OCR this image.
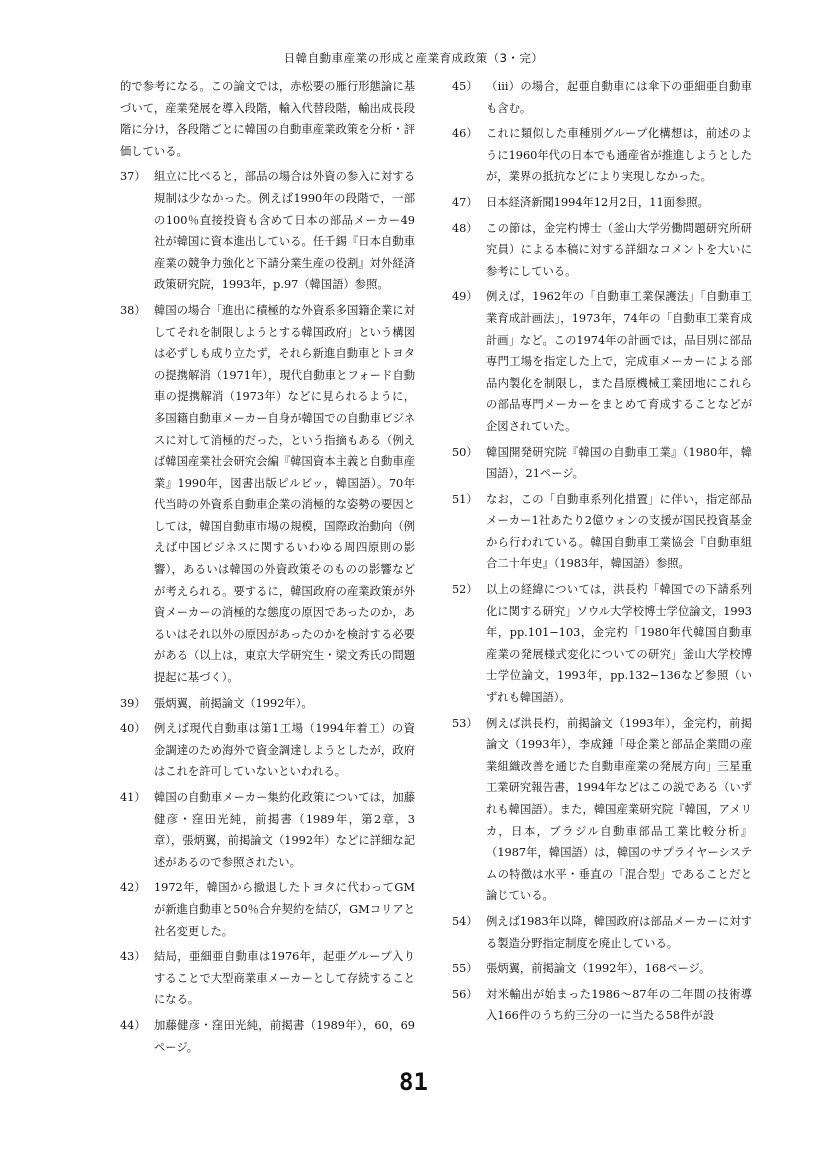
日韓自動車産業の形成と産業育成政策（3・完）
的で参考になる。この論文では，赤松要の雁行形態論に基づいて，産業発展を導入段階，輸入代替段階，輸出成長段階に分け，各段階ごとに韓国の自動車産業政策を分析・評価している。
37） 組立に比べると，部品の場合は外資の参入に対する規制は少なかった。例えば1990年の段階で，一部の100％直接投資も含めて日本の部品メーカー49社が韓国に資本進出している。任千錫『日本自動車産業の競争力強化と下請分業生産の役割』対外経済政策研究院，1993年，p.97（韓国語）参照。
38） 韓国の場合「進出に積極的な外資系多国籍企業に対してそれを制限しようとする韓国政府」という構図は必ずしも成り立たず，それら新進自動車とトヨタの提携解消（1971年），現代自動車とフォード自動車の提携解消（1973年）などに見られるように，多国籍自動車メーカー自身が韓国での自動車ビジネスに対して消極的だった，という指摘もある（例えば韓国産業社会研究会編『韓国資本主義と自動車産業』1990年，図書出版ピルビッ，韓国語）。70年代当時の外資系自動車企業の消極的な姿勢の要因としては，韓国自動車市場の規模，国際政治動向（例えば中国ビジネスに関するいわゆる周四原則の影響），あるいは韓国の外資政策そのものの影響などが考えられる。要するに，韓国政府の産業政策が外資メーカーの消極的な態度の原因であったのか，あるいはそれ以外の原因があったのかを検討する必要がある（以上は，東京大学研究生・梁文秀氏の問題提起に基づく）。
39） 張炳翼，前掲論文（1992年）。
40） 例えば現代自動車は第1工場（1994年着工）の資金調達のため海外で資金調達しようとしたが，政府はこれを許可していないといわれる。
41） 韓国の自動車メーカー集約化政策については，加藤健彦・窪田光純，前掲書（1989年，第2章，3章），張炳翼，前掲論文（1992年）などに詳細な記述があるので参照されたい。
42） 1972年，韓国から撤退したトヨタに代わってGMが新進自動車と50％合弁契約を結び，GMコリアと社名変更した。
43） 結局，亜細亜自動車は1976年，起亜グループ入りすることで大型商業車メーカーとして存続することになる。
44） 加藤健彦・窪田光純，前掲書（1989年），60，69ページ。
45） （iii）の場合，起亜自動車には傘下の亜細亜自動車も含む。
46） これに類似した車種別グループ化構想は，前述のように1960年代の日本でも通産省が推進しようとしたが，業界の抵抗などにより実現しなかった。
47） 日本経済新聞1994年12月2日，11面参照。
48） この節は，金完杓博士（釜山大学労働問題研究所研究員）による本稿に対する詳細なコメントを大いに参考にしている。
49） 例えば，1962年の「自動車工業保護法」「自動車工業育成計画法」，1973年，74年の「自動車工業育成計画」など。この1974年の計画では，品目別に部品専門工場を指定した上で，完成車メーカーによる部品内製化を制限し，また昌原機械工業団地にこれらの部品専門メーカーをまとめて育成することなどが企図されていた。
50） 韓国開発研究院『韓国の自動車工業』（1980年，韓国語），21ページ。
51） なお，この「自動車系列化措置」に伴い，指定部品メーカー1社あたり2億ウォンの支援が国民投資基金から行われている。韓国自動車工業協会『自動車組合二十年史』（1983年，韓国語）参照。
52） 以上の経緯については，洪長杓「韓国での下請系列化に関する研究」ソウル大学校博士学位論文，1993年，pp.101−103，金完杓「1980年代韓国自動車産業の発展様式変化についての研究」釜山大学校博士学位論文，1993年，pp.132−136など参照（いずれも韓国語）。
53） 例えば洪長杓，前掲論文（1993年），金完杓，前掲論文（1993年），李成鍾「母企業と部品企業間の産業組織改善を通じた自動車産業の発展方向」三星重工業研究報告書，1994年などはこの説である（いずれも韓国語）。また，韓国産業研究院『韓国，アメリカ，日本，ブラジル自動車部品工業比較分析』（1987年，韓国語）は，韓国のサプライヤーシステムの特徴は水平・垂直の「混合型」であることだと論じている。
54） 例えば1983年以降，韓国政府は部品メーカーに対する製造分野指定制度を廃止している。
55） 張炳翼，前掲論文（1992年），168ページ。
56） 対米輸出が始まった1986〜87年の二年間の技術導入166件のうち約三分の一に当たる58件が設
81
